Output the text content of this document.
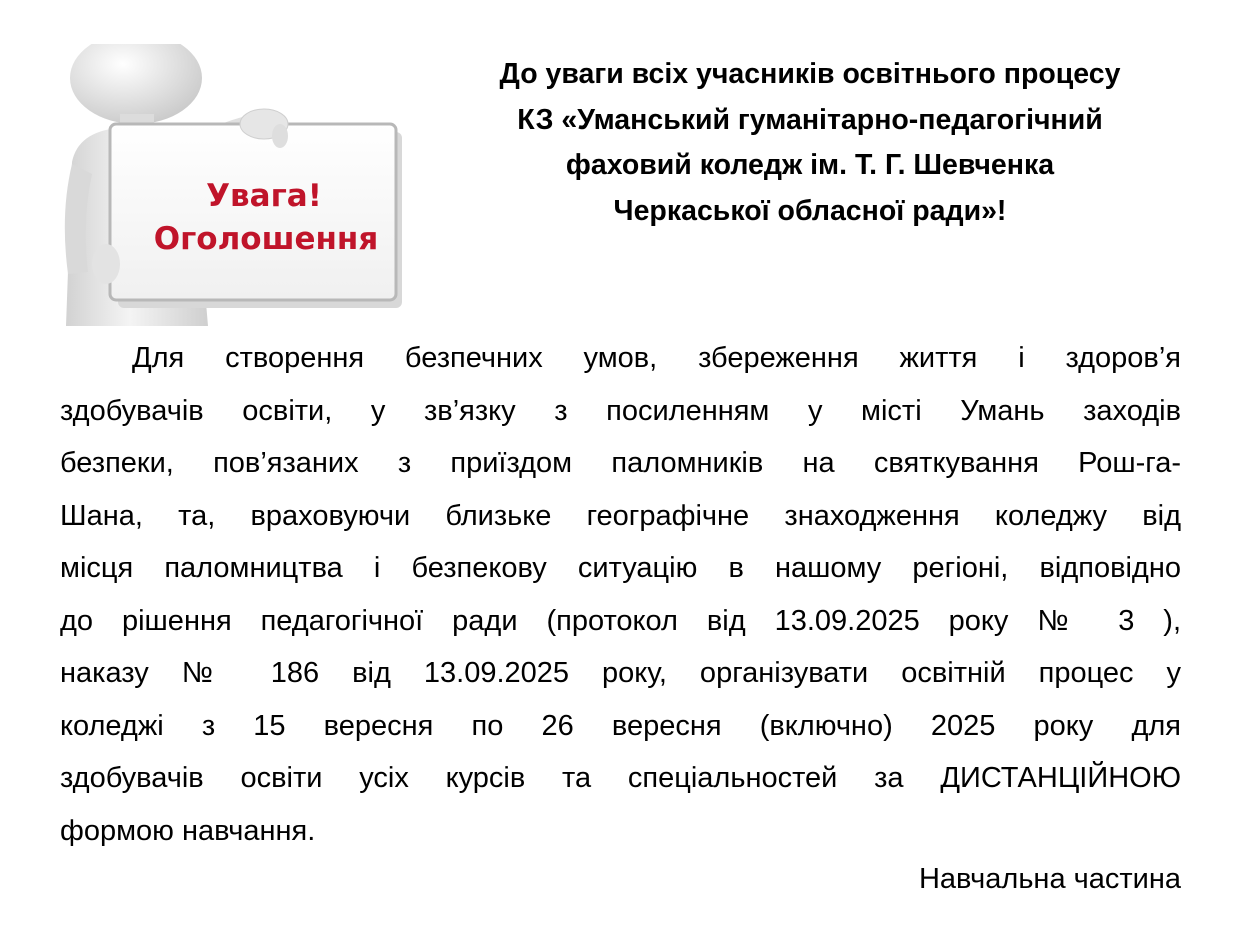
Увага!
Оголошення
До уваги всіх учасників освітнього процесу
КЗ «Уманський гуманітарно-педагогічний
фаховий коледж ім. Т. Г. Шевченка
Черкаської обласної ради»!
Для створення безпечних умов, збереження життя і здоров’я
здобувачів освіти, у зв’язку з посиленням у місті Умань заходів
безпеки, пов’язаних з приїздом паломників на святкування Рош-га-
Шана, та, враховуючи близьке географічне знаходження коледжу від
місця паломництва і безпекову ситуацію в нашому регіоні, відповідно
до рішення педагогічної ради (протокол від 13.09.2025 року № 3 ),
наказу № 186 від 13.09.2025 року, організувати освітній процес у
коледжі з 15 вересня по 26 вересня (включно) 2025 року для
здобувачів освіти усіх курсів та спеціальностей за ДИСТАНЦІЙНОЮ
формою навчання.
Навчальна частина
